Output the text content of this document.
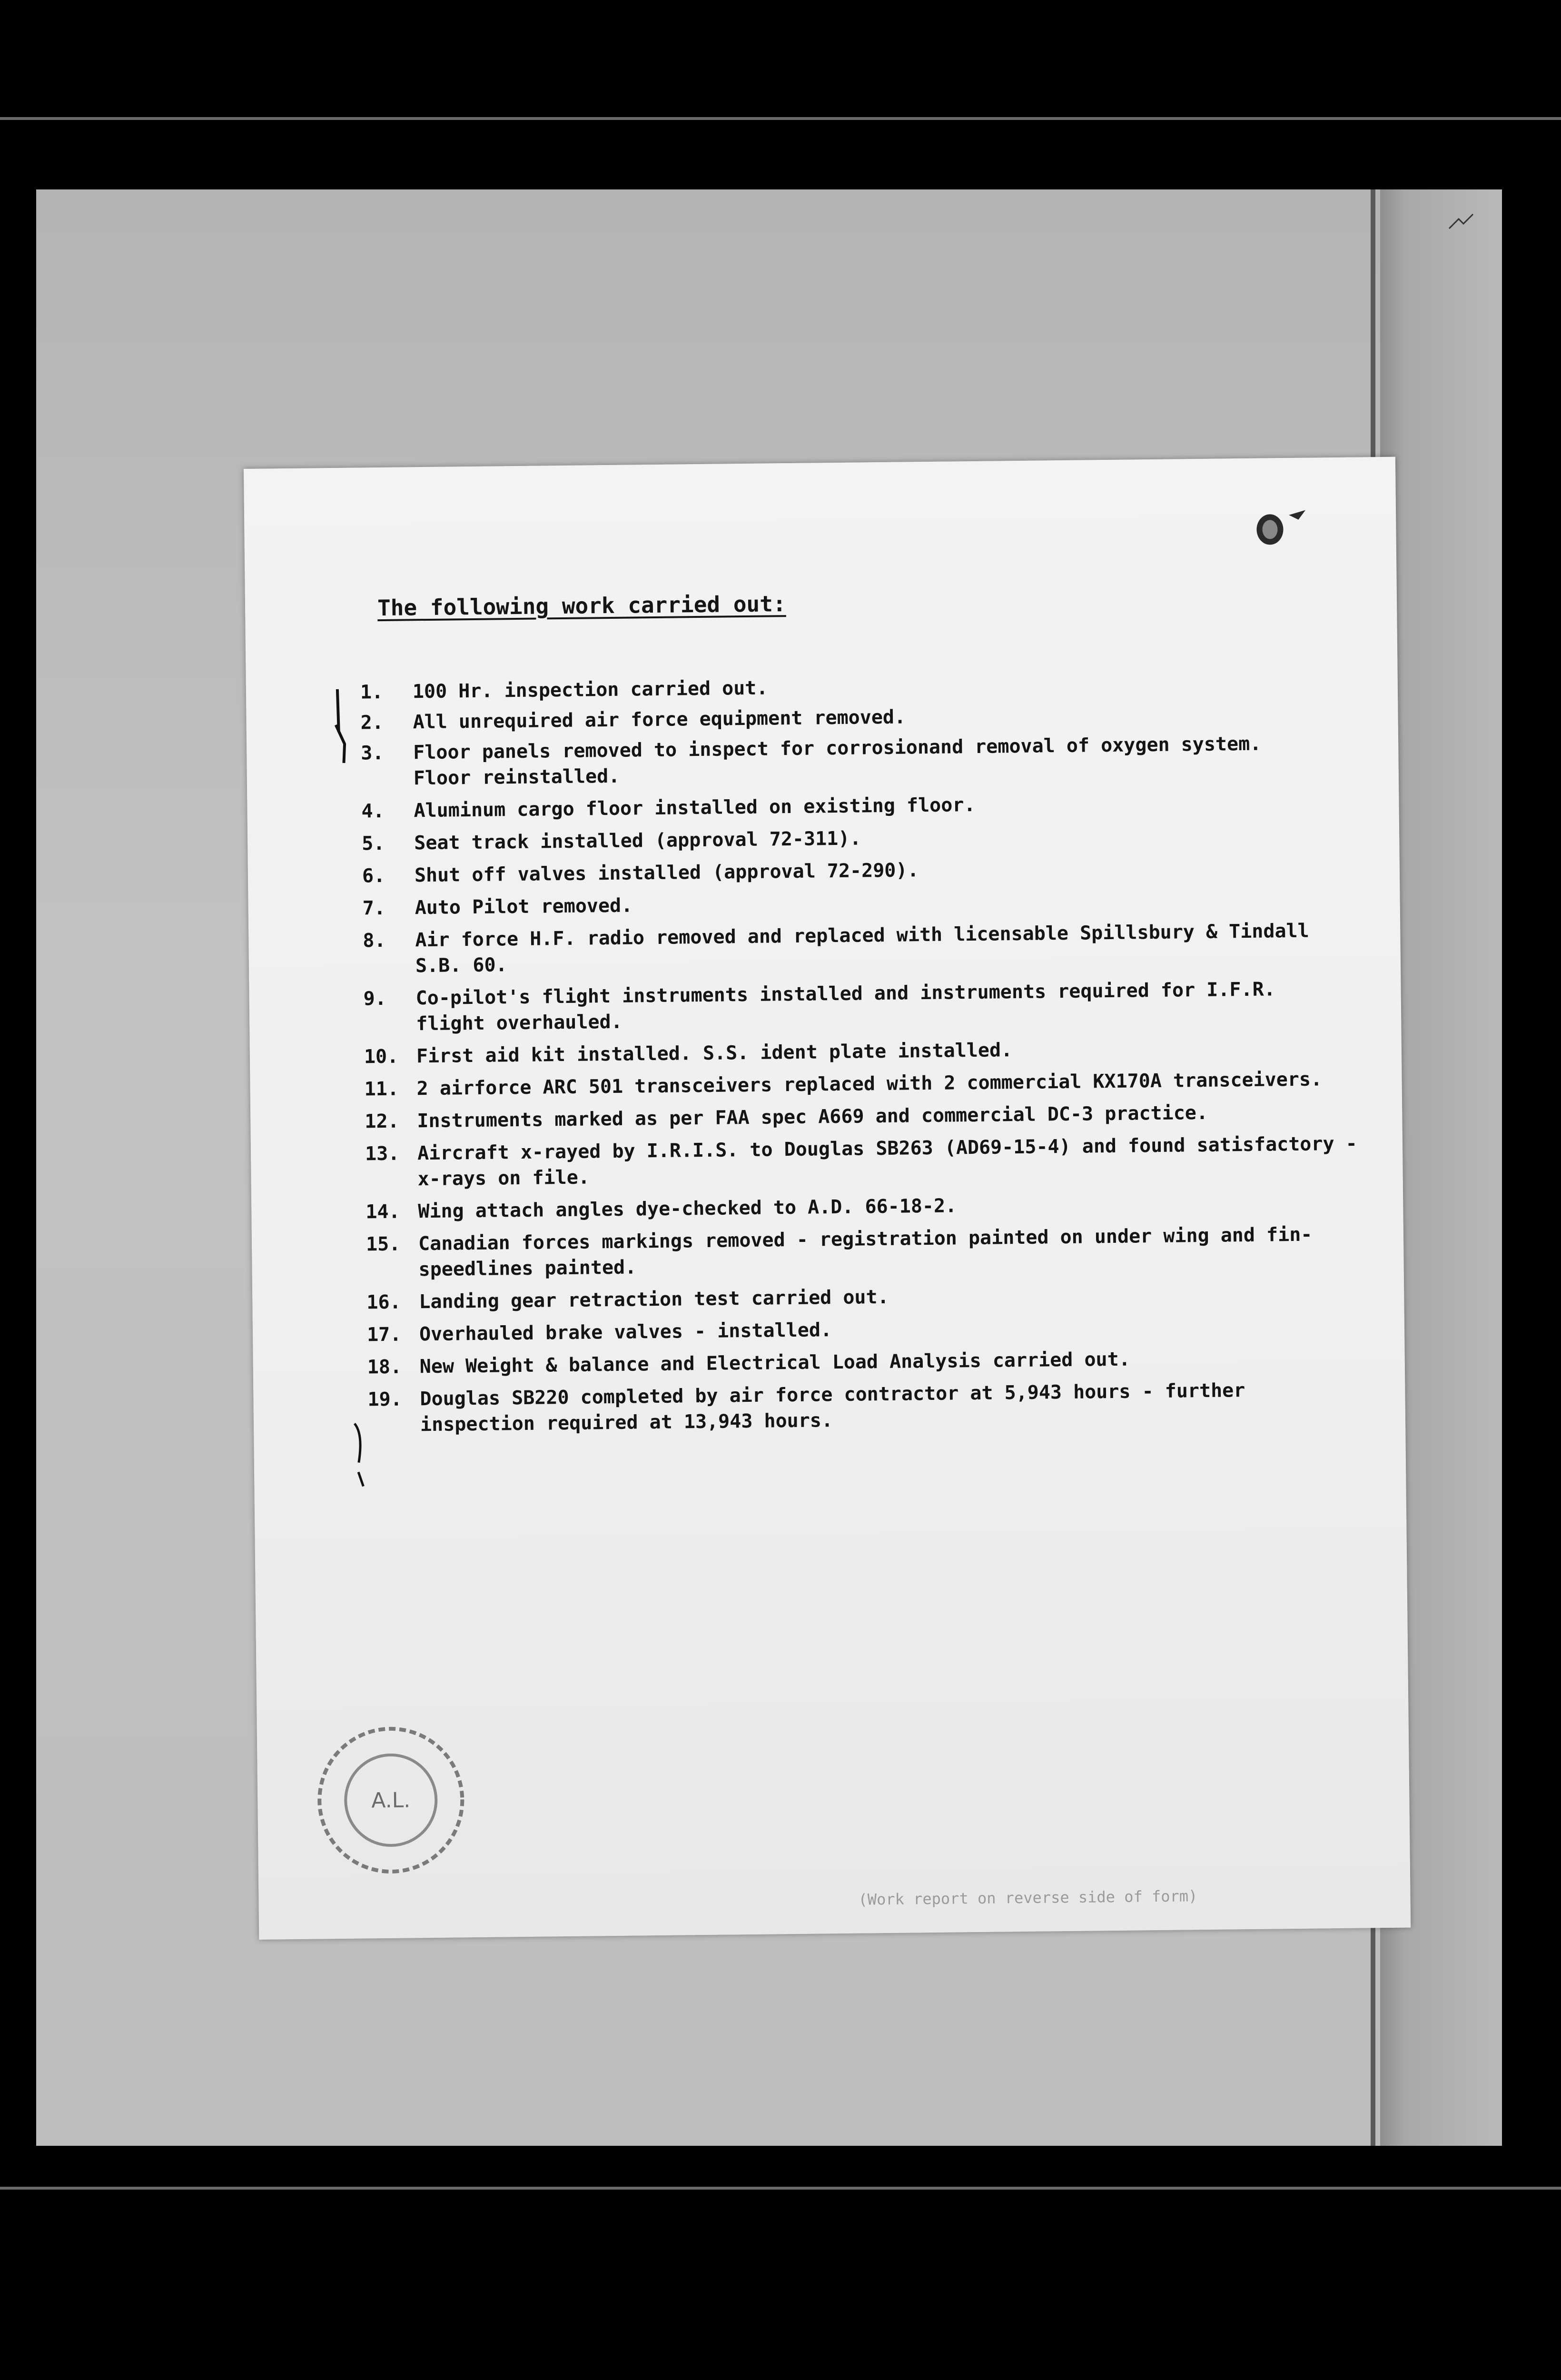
The following work carried out:
1.	100 Hr. inspection carried out.
2.	All unrequired air force equipment removed.
3.	Floor panels removed to inspect for corrosionand removal of oxygen system.
Floor reinstalled.
4.	Aluminum cargo floor installed on existing floor.
5.	Seat track installed (approval 72-311).
6.	Shut off valves installed (approval 72-290).
7.	Auto Pilot removed.
8.	Air force H.F. radio removed and replaced with licensable Spillsbury & Tindall
S.B. 60.
9.	Co-pilot's flight instruments installed and instruments required for I.F.R.
flight overhauled.
10. First aid kit installed. S.S. ident plate installed.
11. 2 airforce ARC 501 transceivers replaced with 2 commercial KX170A transceivers.
12. Instruments marked as per FAA spec A669 and commercial DC-3 practice.
13. Aircraft x-rayed by I.R.I.S. to Douglas SB263 (AD69-15-4) and found satisfactory -
x-rays on file.
14. Wing attach angles dye-checked to A.D. 66-18-2.
15. Canadian forces markings removed - registration painted on under wing and fin-
speedlines painted.
16. Landing gear retraction test carried out.
17. Overhauled brake valves - installed.
18. New Weight & balance and Electrical Load Analysis carried out.
19. Douglas SB220 completed by air force contractor at 5,943 hours - further
inspection required at 13,943 hours.
A.L.
(Work report on reverse side of form)
